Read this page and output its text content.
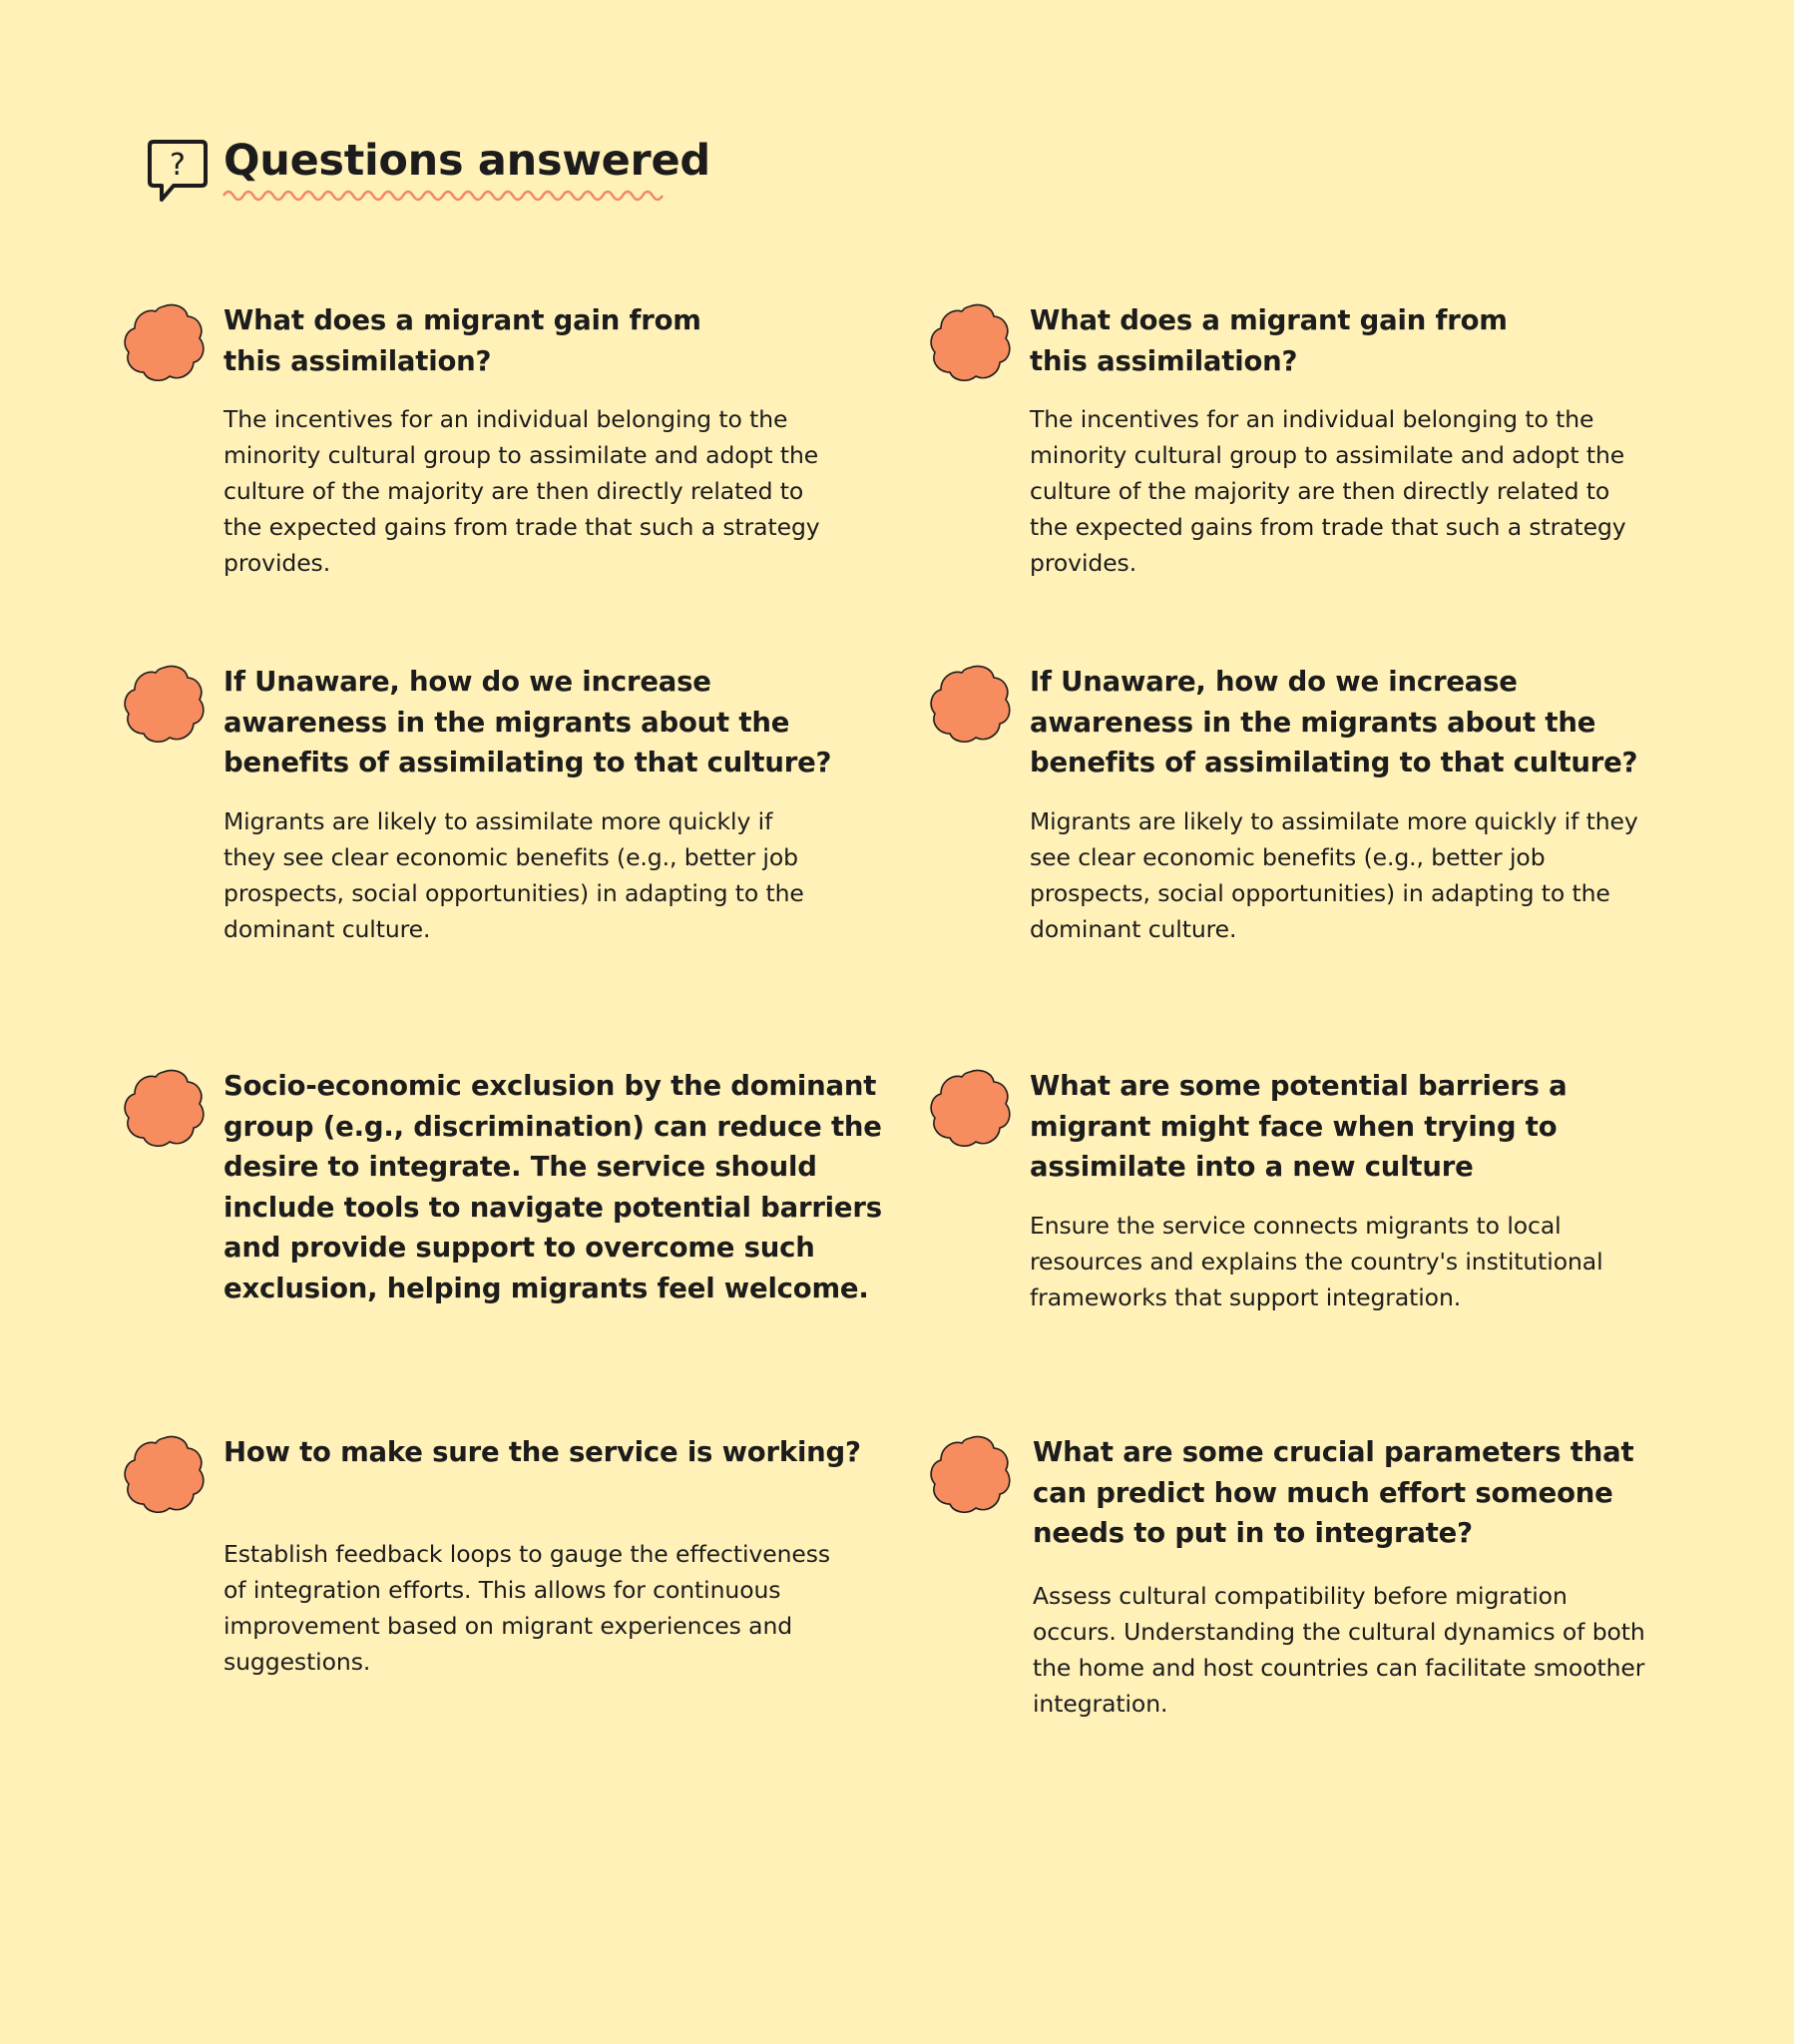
? Questions answered
What does a migrant gain from this assimilation?

The incentives for an individual belonging to the minority cultural group to assimilate and adopt the culture of the majority are then directly related to the expected gains from trade that such a strategy provides.

What does a migrant gain from this assimilation?

The incentives for an individual belonging to the minority cultural group to assimilate and adopt the culture of the majority are then directly related to the expected gains from trade that such a strategy provides.

If Unaware, how do we increase awareness in the migrants about the benefits of assimilating to that culture?

Migrants are likely to assimilate more quickly if they see clear economic benefits (e.g., better job prospects, social opportunities) in adapting to the dominant culture.

If Unaware, how do we increase awareness in the migrants about the benefits of assimilating to that culture?

Migrants are likely to assimilate more quickly if they see clear economic benefits (e.g., better job prospects, social opportunities) in adapting to the dominant culture.

Socio-economic exclusion by the dominant group (e.g., discrimination) can reduce the desire to integrate. The service should include tools to navigate potential barriers and provide support to overcome such exclusion, helping migrants feel welcome.
What are some potential barriers a migrant might face when trying to assimilate into a new culture

Ensure the service connects migrants to local resources and explains the country's institutional frameworks that support integration.

How to make sure the service is working?

Establish feedback loops to gauge the effectiveness of integration efforts. This allows for continuous improvement based on migrant experiences and suggestions.

What are some crucial parameters that can predict how much effort someone needs to put in to integrate?

Assess cultural compatibility before migration occurs. Understanding the cultural dynamics of both the home and host countries can facilitate smoother integration.
